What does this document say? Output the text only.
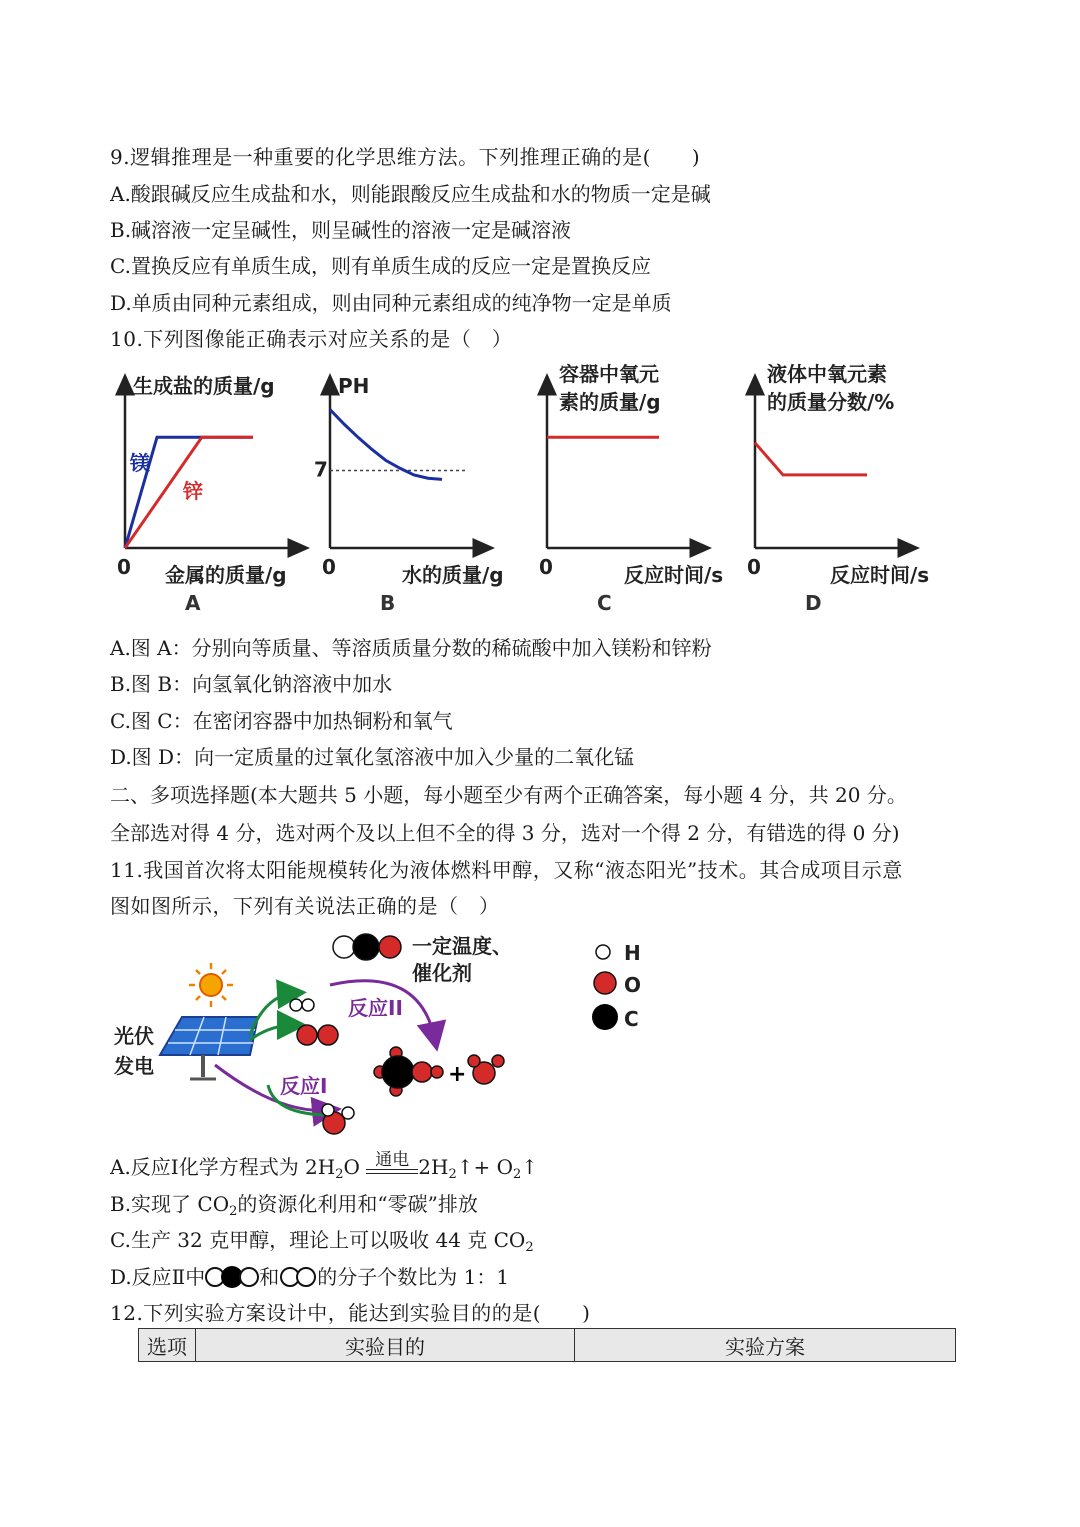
9.逻辑推理是一种重要的化学思维方法。下列推理正确的是(　　)
A.酸跟碱反应生成盐和水，则能跟酸反应生成盐和水的物质一定是碱
B.碱溶液一定呈碱性，则呈碱性的溶液一定是碱溶液
C.置换反应有单质生成，则有单质生成的反应一定是置换反应
D.单质由同种元素组成，则由同种元素组成的纯净物一定是单质
10.下列图像能正确表示对应关系的是（　）
生成盐的质量/g
金属的质量/g
0
A
镁
锌
PH
水的质量/g
0
B
7
容器中氧元
素的质量/g
反应时间/s
0
C
液体中氧元素
的质量分数/%
反应时间/s
0
D
A.图 A：分别向等质量、等溶质质量分数的稀硫酸中加入镁粉和锌粉
B.图 B：向氢氧化钠溶液中加水
C.图 C：在密闭容器中加热铜粉和氧气
D.图 D：向一定质量的过氧化氢溶液中加入少量的二氧化锰
二、多项选择题(本大题共 5 小题，每小题至少有两个正确答案，每小题 4 分，共 20 分。
全部选对得 4 分，选对两个及以上但不全的得 3 分，选对一个得 2 分，有错选的得 0 分)
11.我国首次将太阳能规模转化为液体燃料甲醇，又称“液态阳光”技术。其合成项目示意
图如图所示，下列有关说法正确的是（　）
光伏
发电	+
一定温度、
催化剂
反应II
反应I
H
O
C
A.反应Ⅰ化学方程式为 $2H_2O$ 通电 $2H_2↑+$ $O_2↑$
B.实现了 $CO_2$的资源化利用和“零碳”排放
C.生产 32 克甲醇，理论上可以吸收 44 克 $CO_2$
D.反应Ⅱ中	和 的分子个数比为 1：1
12.下列实验方案设计中，能达到实验目的的是(　　)
选项	实验目的	实验方案
